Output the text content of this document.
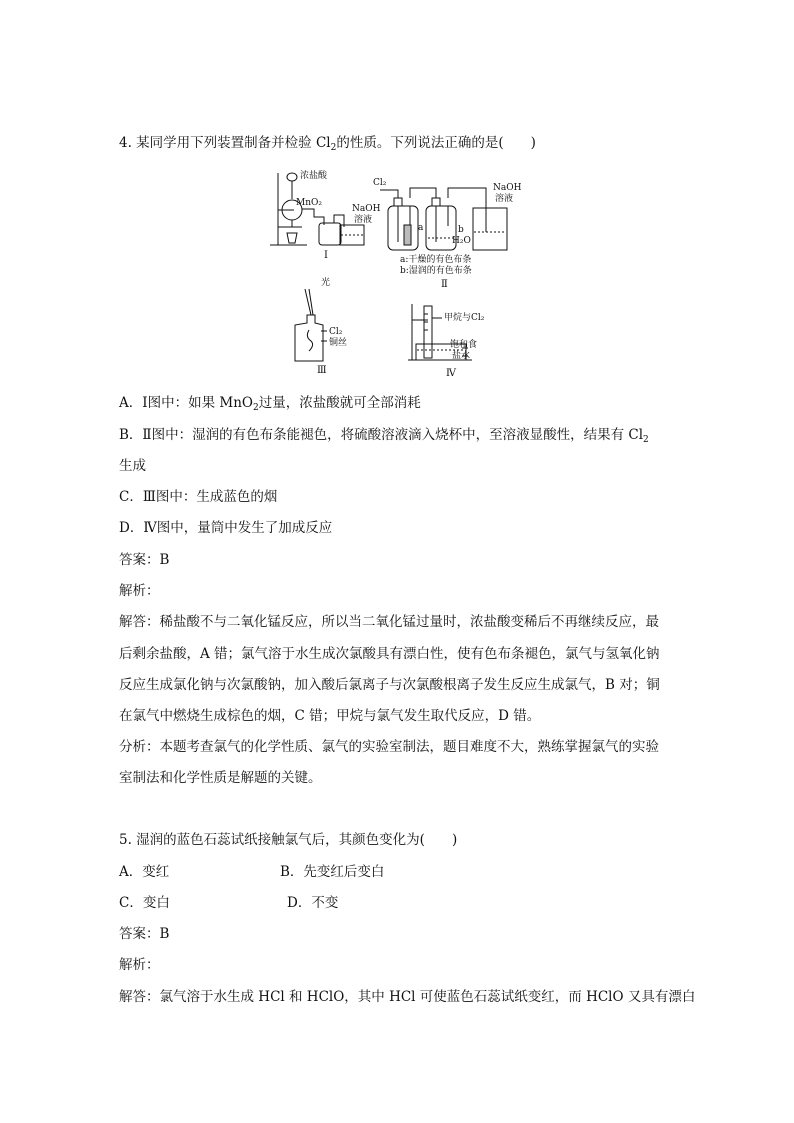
4. 某同学用下列装置制备并检验 $Cl_2$的性质。下列说法正确的是(　　)
浓盐酸
MnO₂
NaOH
溶液
Ⅰ
Cl₂	NaOH
溶液
a	b
H₂O
a:干燥的有色布条
b:湿润的有色布条
Ⅱ
光
Cl₂
铜丝
Ⅲ
甲烷与Cl₂
饱和食
盐水
Ⅳ
A．Ⅰ图中：如果 MnO$_2$过量，浓盐酸就可全部消耗
B．Ⅱ图中：湿润的有色布条能褪色，将硫酸溶液滴入烧杯中，至溶液显酸性，结果有 $Cl_2$
生成
C．Ⅲ图中：生成蓝色的烟
D．Ⅳ图中，量筒中发生了加成反应
答案：B
解析：
解答：稀盐酸不与二氧化锰反应，所以当二氧化锰过量时，浓盐酸变稀后不再继续反应，最
后剩余盐酸，A 错；氯气溶于水生成次氯酸具有漂白性，使有色布条褪色，氯气与氢氧化钠
反应生成氯化钠与次氯酸钠，加入酸后氯离子与次氯酸根离子发生反应生成氯气，B 对；铜
在氯气中燃烧生成棕色的烟，C 错；甲烷与氯气发生取代反应，D 错。
分析：本题考查氯气的化学性质、氯气的实验室制法，题目难度不大，熟练掌握氯气的实验
室制法和化学性质是解题的关键。
5. 湿润的蓝色石蕊试纸接触氯气后，其颜色变化为(　　)
A．变红	B．先变红后变白
C．变白	D．不变
答案：B
解析：
解答：氯气溶于水生成 HCl 和 HClO，其中 HCl 可使蓝色石蕊试纸变红，而 HClO 又具有漂白
